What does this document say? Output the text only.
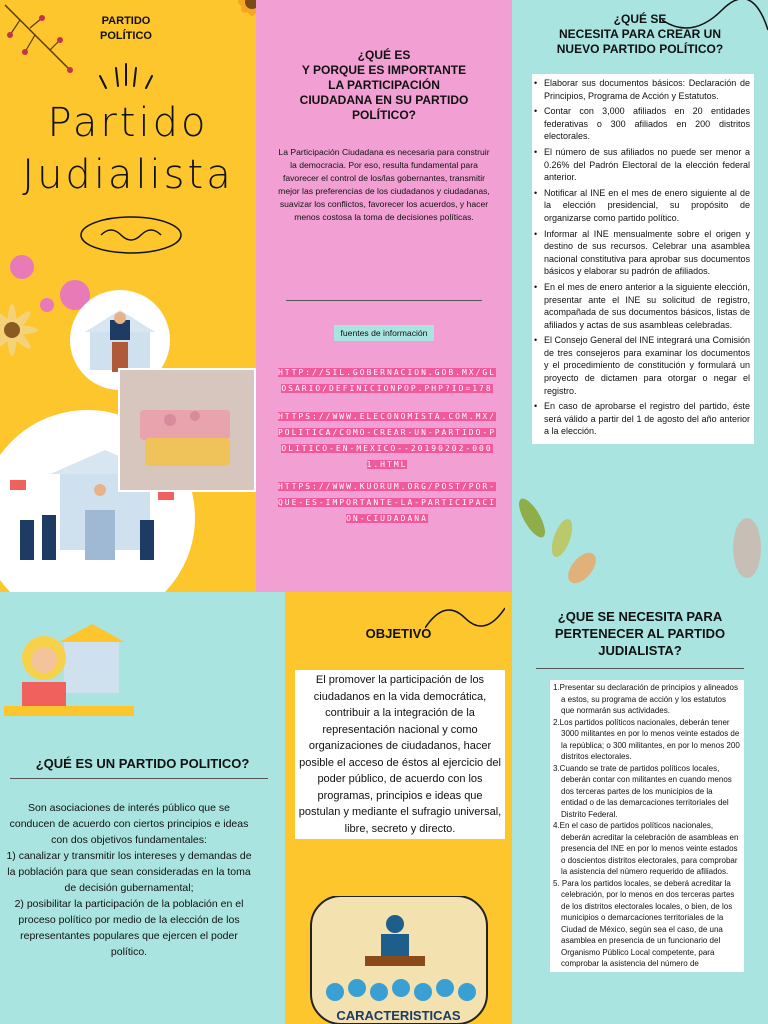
PARTIDO POLÍTICO
Partido
Judialista
¿QUÉ ES
Y PORQUE ES IMPORTANTE
LA PARTICIPACIÓN
CIUDADANA EN SU PARTIDO
POLÍTICO?
La Participación Ciudadana es necesaria para construir la democracia. Por eso, resulta fundamental para favorecer el control de los/las gobernantes, transmitir mejor las preferencias de los ciudadanos y ciudadanas, suavizar los conflictos, favorecer los acuerdos, y hacer menos costosa la toma de decisiones políticas.
fuentes de información
HTTP://SIL.GOBERNACION.GOB.MX/GLOSARIO/DEFINICIONPOP.PHP?ID=178
HTTPS://WWW.ELECONOMISTA.COM.MX/POLITICA/COMO-CREAR-UN-PARTIDO-POLITICO-EN-MEXICO--20190202-0001.HTML
HTTPS://WWW.KUORUM.ORG/POST/POR-QUE-ES-IMPORTANTE-LA-PARTICIPACION-CIUDADANA
¿QUÉ SE
NECESITA PARA CREAR UN
NUEVO PARTIDO POLÍTICO?
• Elaborar sus documentos básicos: Declaración de Principios, Programa de Acción y Estatutos.
• Contar con 3,000 afiliados en 20 entidades federativas o 300 afiliados en 200 distritos electorales.
• El número de sus afiliados no puede ser menor a 0.26% del Padrón Electoral de la elección federal anterior.
• Notificar al INE en el mes de enero siguiente al de la elección presidencial, su propósito de organizarse como partido político.
• Informar al INE mensualmente sobre el origen y destino de sus recursos. Celebrar una asamblea nacional constitutiva para aprobar sus documentos básicos y elaborar su padrón de afiliados.
• En el mes de enero anterior a la siguiente elección, presentar ante el INE su solicitud de registro, acompañada de sus documentos básicos, listas de afiliados y actas de sus asambleas celebradas.
• El Consejo General del INE integrará una Comisión de tres consejeros para examinar los documentos y el procedimiento de constitución y formulará un proyecto de dictamen para otorgar o negar el registro.
• En caso de aprobarse el registro del partido, éste será válido a partir del 1 de agosto del año anterior a la elección.
¿QUÉ ES UN PARTIDO POLITICO?
Son asociaciones de interés público que se conducen de acuerdo con ciertos principios e ideas con dos objetivos fundamentales:
1) canalizar y transmitir los intereses y demandas de la población para que sean consideradas en la toma de decisión gubernamental;
2) posibilitar la participación de la población en el proceso político por medio de la elección de los representantes populares que ejercen el poder político.
OBJETIVO
El promover la participación de los ciudadanos en la vida democrática, contribuir a la integración de la representación nacional y como organizaciones de ciudadanos, hacer posible el acceso de éstos al ejercicio del poder público, de acuerdo con los programas, principios e ideas que postulan y mediante el sufragio universal, libre, secreto y directo.
CARACTERISTICAS
¿QUE SE NECESITA PARA
PERTENECER AL PARTIDO
JUDIALISTA?
1.Presentar su declaración de principios y alineados a estos, su programa de acción y los estatutos que normarán sus actividades.
2.Los partidos políticos nacionales, deberán tener 3000 militantes en por lo menos veinte estados de la república; o 300 militantes, en por lo menos 200 distritos electorales.
3.Cuando se trate de partidos políticos locales, deberán contar con militantes en cuando menos dos terceras partes de los municipios de la entidad o de las demarcaciones territoriales del Distrito Federal.
4.En el caso de partidos políticos nacionales, deberán acreditar la celebración de asambleas en presencia del INE en por lo menos veinte estados o doscientos distritos electorales, para comprobar la asistencia del número requerido de afiliados.
5. Para los partidos locales, se deberá acreditar la celebración, por lo menos en dos terceras partes de los distritos electorales locales, o bien, de los municipios o demarcaciones territoriales de la Ciudad de México, según sea el caso, de una asamblea en presencia de un funcionario del Organismo Público Local competente, para comprobar la asistencia del número de
